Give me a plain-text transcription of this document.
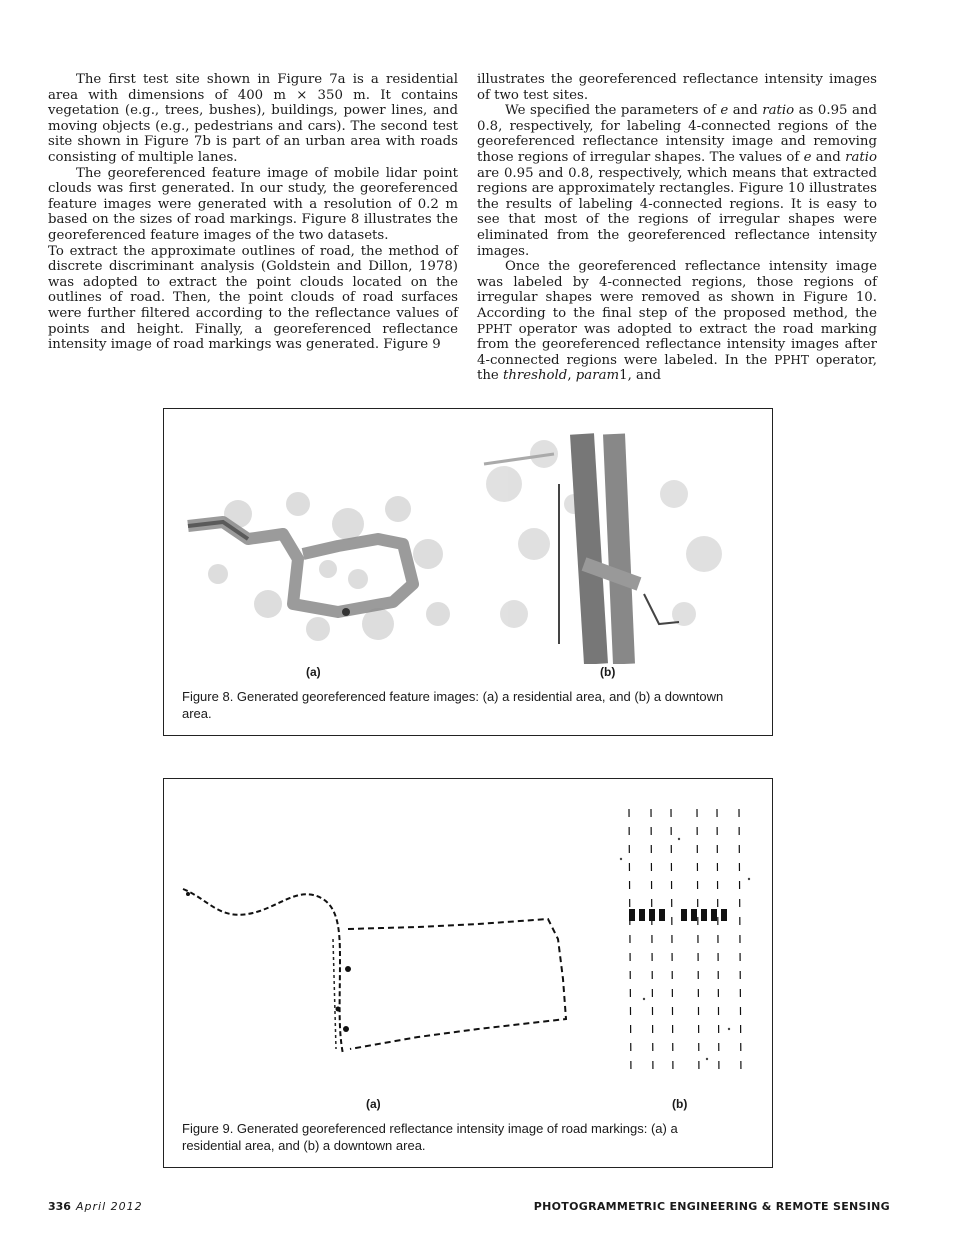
The first test site shown in Figure 7a is a residential area with dimensions of 400 m × 350 m. It contains vegetation (e.g., trees, bushes), buildings, power lines, and moving objects (e.g., pedestrians and cars). The second test site shown in Figure 7b is part of an urban area with roads consisting of multiple lanes.

The georeferenced feature image of mobile lidar point clouds was first generated. In our study, the georeferenced feature images were generated with a resolution of 0.2 m based on the sizes of road markings. Figure 8 illustrates the georeferenced feature images of the two datasets.

To extract the approximate outlines of road, the method of discrete discriminant analysis (Goldstein and Dillon, 1978) was adopted to extract the point clouds located on the outlines of road. Then, the point clouds of road surfaces were further filtered according to the reflectance values of points and height. Finally, a georeferenced reflectance intensity image of road markings was generated. Figure 9

illustrates the georeferenced reflectance intensity images of two test sites.

We specified the parameters of e and ratio as 0.95 and 0.8, respectively, for labeling 4-connected regions of the georeferenced reflectance intensity image and removing those regions of irregular shapes. The values of e and ratio are 0.95 and 0.8, respectively, which means that extracted regions are approximately rectangles. Figure 10 illustrates the results of labeling 4-connected regions. It is easy to see that most of the regions of irregular shapes were eliminated from the georeferenced reflectance intensity images.

Once the georeferenced reflectance intensity image was labeled by 4-connected regions, those regions of irregular shapes were removed as shown in Figure 10. According to the final step of the proposed method, the PPHT operator was adopted to extract the road marking from the georeferenced reflectance intensity images after 4-connected regions were labeled. In the PPHT operator, the threshold, param1, and

(a)	(b)
Figure 8. Generated georeferenced feature images: (a) a residential area, and (b) a downtown area.
(a)	(b)
Figure 9. Generated georeferenced reflectance intensity image of road markings: (a) a residential area, and (b) a downtown area.
336 April 2012	PHOTOGRAMMETRIC ENGINEERING & REMOTE SENSING
